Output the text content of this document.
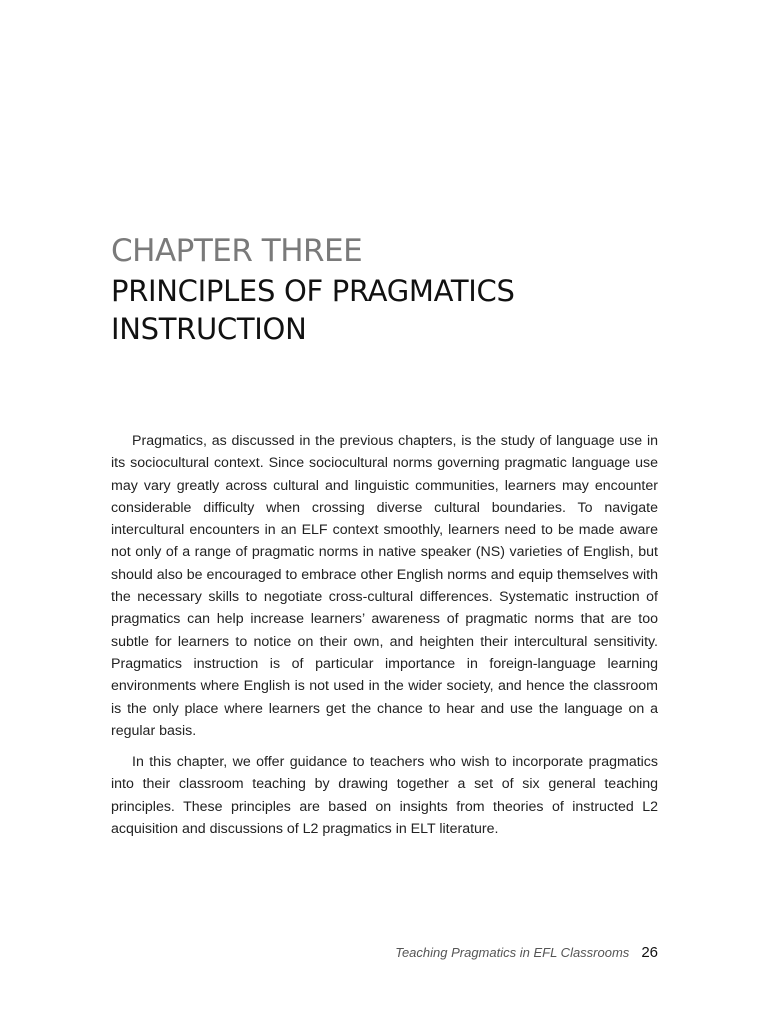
CHAPTER THREE
PRINCIPLES OF PRAGMATICS
INSTRUCTION

Pragmatics, as discussed in the previous chapters, is the study of language use in its sociocultural context. Since sociocultural norms governing pragmatic language use may vary greatly across cultural and linguistic communities, learners may encounter considerable difficulty when crossing diverse cultural boundaries. To navigate intercultural encounters in an ELF context smoothly, learners need to be made aware not only of a range of pragmatic norms in native speaker (NS) varieties of English, but should also be encouraged to embrace other English norms and equip themselves with the necessary skills to negotiate cross-cultural differences. Systematic instruction of pragmatics can help increase learners’ awareness of pragmatic norms that are too subtle for learners to notice on their own, and heighten their intercultural sensitivity. Pragmatics instruction is of particular importance in foreign-language learning environments where English is not used in the wider society, and hence the classroom is the only place where learners get the chance to hear and use the language on a regular basis.

In this chapter, we offer guidance to teachers who wish to incorporate pragmatics into their classroom teaching by drawing together a set of six general teaching principles. These principles are based on insights from theories of instructed L2 acquisition and discussions of L2 pragmatics in ELT literature.

Teaching Pragmatics in EFL Classrooms 26
